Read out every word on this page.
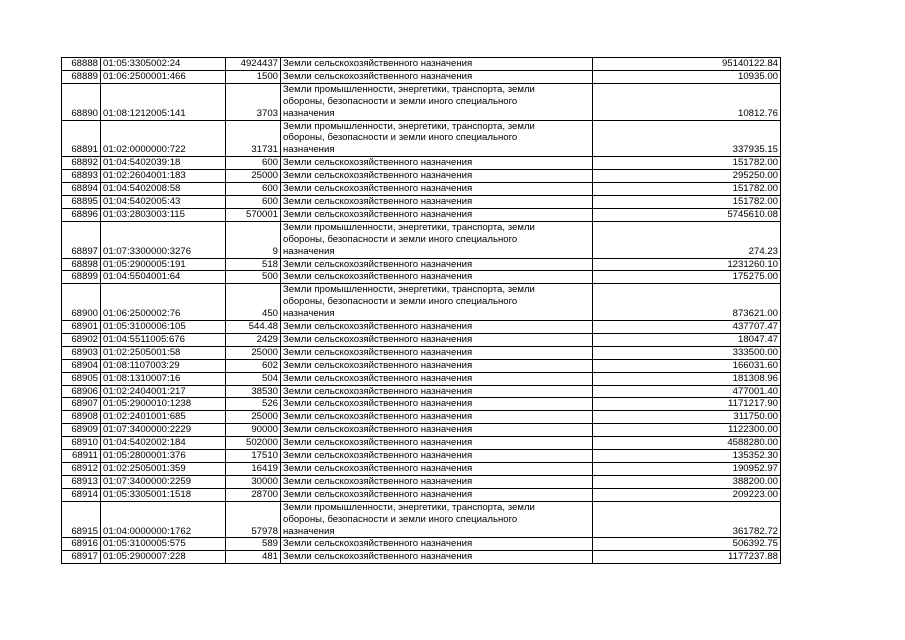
68888	01:05:3305002:24	4924437	Земли сельскохозяйственного назначения	95140122.84
68889	01:06:2500001:466	1500	Земли сельскохозяйственного назначения	10935.00
68890	01:08:1212005:141	3703	Земли промышленности, энергетики, транспорта, земли
обороны, безопасности и земли иного специального
назначения	10812.76
68891	01:02:0000000:722	31731	Земли промышленности, энергетики, транспорта, земли
обороны, безопасности и земли иного специального
назначения	337935.15
68892	01:04:5402039:18	600	Земли сельскохозяйственного назначения	151782.00
68893	01:02:2604001:183	25000	Земли сельскохозяйственного назначения	295250.00
68894	01:04:5402008:58	600	Земли сельскохозяйственного назначения	151782.00
68895	01:04:5402005:43	600	Земли сельскохозяйственного назначения	151782.00
68896	01:03:2803003:115	570001	Земли сельскохозяйственного назначения	5745610.08
68897	01:07:3300000:3276	9	Земли промышленности, энергетики, транспорта, земли
обороны, безопасности и земли иного специального
назначения	274.23
68898	01:05:2900005:191	518	Земли сельскохозяйственного назначения	1231260.10
68899	01:04:5504001:64	500	Земли сельскохозяйственного назначения	175275.00
68900	01:06:2500002:76	450	Земли промышленности, энергетики, транспорта, земли
обороны, безопасности и земли иного специального
назначения	873621.00
68901	01:05:3100006:105	544.48	Земли сельскохозяйственного назначения	437707.47
68902	01:04:5511005:676	2429	Земли сельскохозяйственного назначения	18047.47
68903	01:02:2505001:58	25000	Земли сельскохозяйственного назначения	333500.00
68904	01:08:1107003:29	602	Земли сельскохозяйственного назначения	166031.60
68905	01:08:1310007:16	504	Земли сельскохозяйственного назначения	181308.96
68906	01:02:2404001:217	38530	Земли сельскохозяйственного назначения	477001.40
68907	01:05:2900010:1238	526	Земли сельскохозяйственного назначения	1171217.90
68908	01:02:2401001:685	25000	Земли сельскохозяйственного назначения	311750.00
68909	01:07:3400000:2229	90000	Земли сельскохозяйственного назначения	1122300.00
68910	01:04:5402002:184	502000	Земли сельскохозяйственного назначения	4588280.00
68911	01:05:2800001:376	17510	Земли сельскохозяйственного назначения	135352.30
68912	01:02:2505001:359	16419	Земли сельскохозяйственного назначения	190952.97
68913	01:07:3400000:2259	30000	Земли сельскохозяйственного назначения	388200.00
68914	01:05:3305001:1518	28700	Земли сельскохозяйственного назначения	209223.00
68915	01:04:0000000:1762	57978	Земли промышленности, энергетики, транспорта, земли
обороны, безопасности и земли иного специального
назначения	361782.72
68916	01:05:3100005:575	589	Земли сельскохозяйственного назначения	506392.75
68917	01:05:2900007:228	481	Земли сельскохозяйственного назначения	1177237.88
